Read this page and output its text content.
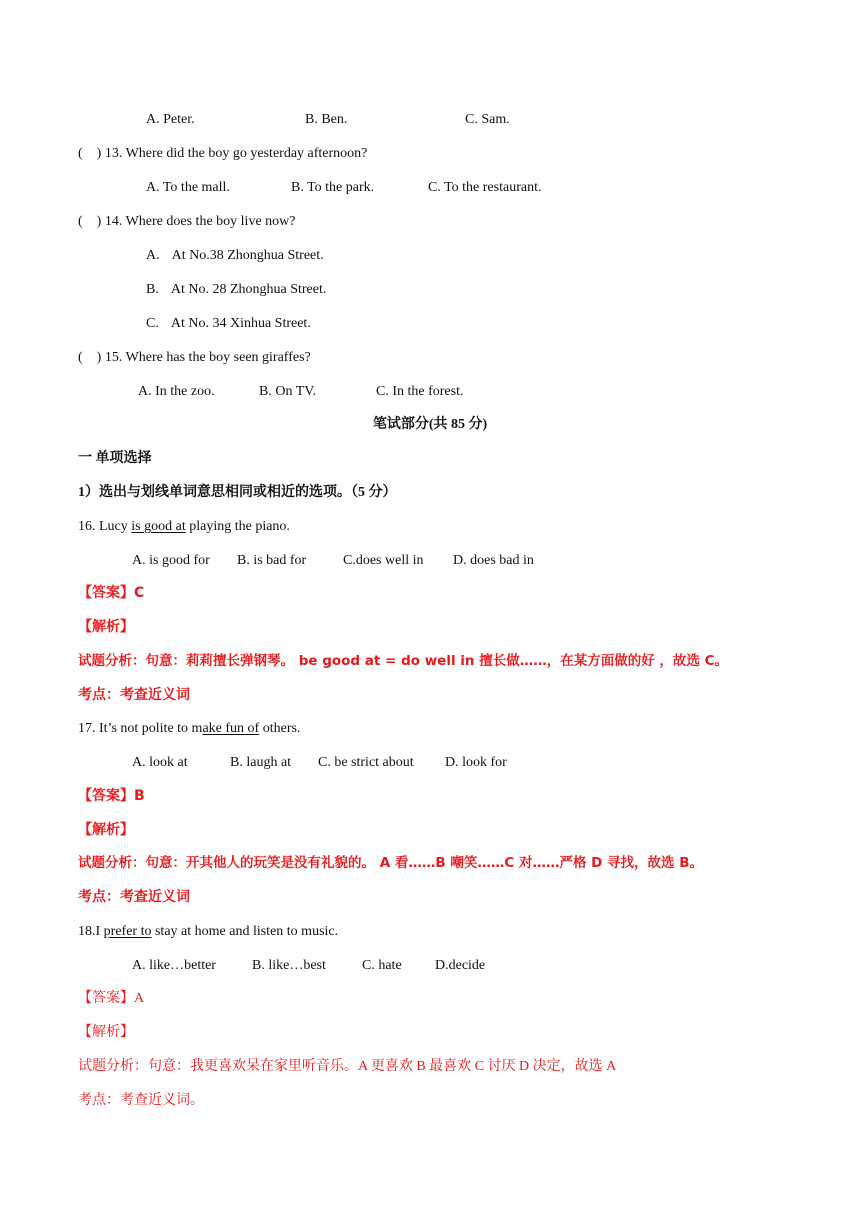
A. Peter.	B. Ben.	C. Sam.
( ) 13. Where did the boy go yesterday afternoon?
A. To the mall.	B. To the park.	C. To the restaurant.
( ) 14. Where does the boy live now?
A. At No.38 Zhonghua Street.
B. At No. 28 Zhonghua Street.
C. At No. 34 Xinhua Street.
( ) 15. Where has the boy seen giraffes?
A. In the zoo.	B. On TV.	C. In the forest.
笔试部分(共 85 分)
一 单项选择
1）选出与划线单词意思相同或相近的选项。（5 分）
16. Lucy is good at playing the piano.
A. is good for B. is bad for	C.does well in D. does bad in
【答案】C
【解析】
试题分析：句意：莉莉擅长弹钢琴。 be good at = do well in 擅长做……，在某方面做的好 ，故选 C。
考点：考查近义词
17. It’s not polite to make fun of others.
A. look at	B. laugh at C. be strict about D. look for
【答案】B
【解析】
试题分析：句意：开其他人的玩笑是没有礼貌的。 A 看……B 嘲笑……C 对……严格 D 寻找，故选 B。
考点：考查近义词
18.I prefer to stay at home and listen to music.
A. like…better	B. like…best	C. hate D.decide
【答案】A
【解析】
试题分析：句意：我更喜欢呆在家里听音乐。A 更喜欢 B 最喜欢 C 讨厌 D 决定，故选 A
考点：考查近义词。
